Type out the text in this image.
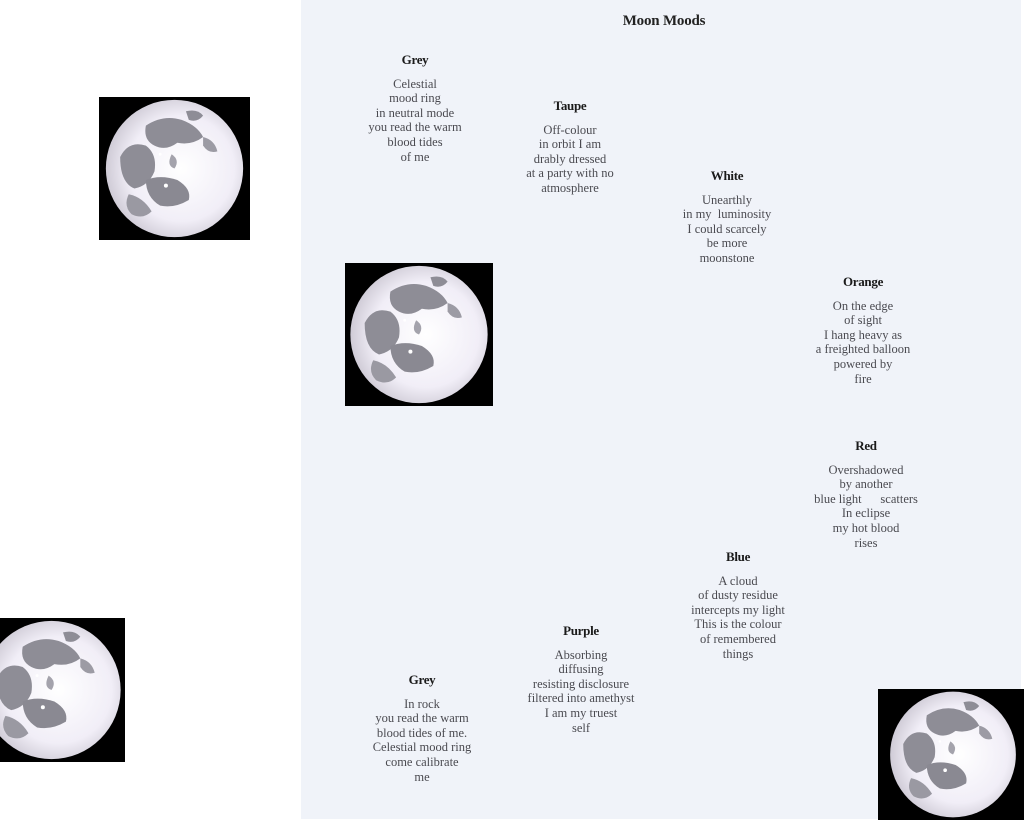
Moon Moods
Grey
Celestial
mood ring
in neutral mode
you read the warm
blood tides
of me
Taupe
Off-colour
in orbit I am
drably dressed
at a party with no
atmosphere
White
Unearthly
in my  luminosity
I could scarcely
be more
moonstone
Orange
On the edge
of sight
I hang heavy as
a freighted balloon
powered by
fire
Red
Overshadowed
by another
blue light      scatters
In eclipse
my hot blood
rises
Blue
A cloud
of dusty residue
intercepts my light
This is the colour
of remembered
things
Purple
Absorbing
diffusing
resisting disclosure
filtered into amethyst
I am my truest
self
Grey
In rock
you read the warm
blood tides of me.
Celestial mood ring
come calibrate
me
